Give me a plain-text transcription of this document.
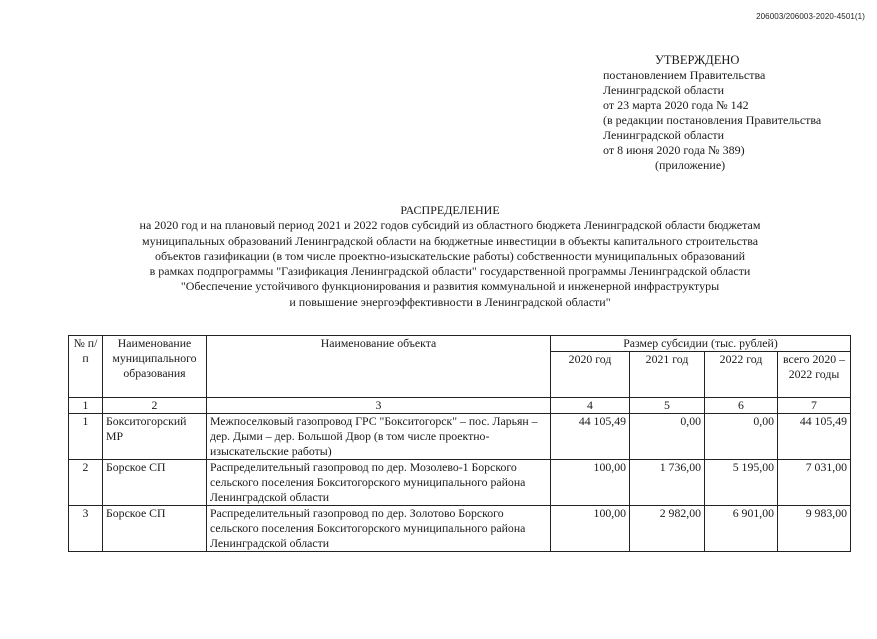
206003/206003-2020-4501(1)
УТВЕРЖДЕНО
постановлением Правительства
Ленинградской области
от 23 марта 2020 года № 142
(в редакции постановления Правительства
Ленинградской области
от 8 июня 2020 года № 389)
(приложение)
РАСПРЕДЕЛЕНИЕ
на 2020 год и на плановый период 2021 и 2022 годов субсидий из областного бюджета Ленинградской области бюджетам
муниципальных образований Ленинградской области на бюджетные инвестиции в объекты капитального строительства
объектов газификации (в том числе проектно-изыскательские работы) собственности муниципальных образований
в рамках подпрограммы "Газификация Ленинградской области" государственной программы Ленинградской области
"Обеспечение устойчивого функционирования и развития коммунальной и инженерной инфраструктуры
и повышение энергоэффективности в Ленинградской области"
№ п/п	Наименование муниципального образования	Наименование объекта	Размер субсидии (тыс. рублей)			
			2020 год	2021 год	2022 год	всего 2020 – 2022 годы
1	2	3	4	5	6	7
1	Бокситогорский МР	Межпоселковый газопровод ГРС "Бокситогорск" – пос. Ларьян – дер. Дыми – дер. Большой Двор (в том числе проектно-изыскательские работы)	44 105,49	0,00	0,00	44 105,49
2	Борское СП	Распределительный газопровод по дер. Мозолево-1 Борского сельского поселения Бокситогорского муниципального района Ленинградской области	100,00	1 736,00	5 195,00	7 031,00
3	Борское СП	Распределительный газопровод по дер. Золотово Борского сельского поселения Бокситогорского муниципального района Ленинградской области	100,00	2 982,00	6 901,00	9 983,00
